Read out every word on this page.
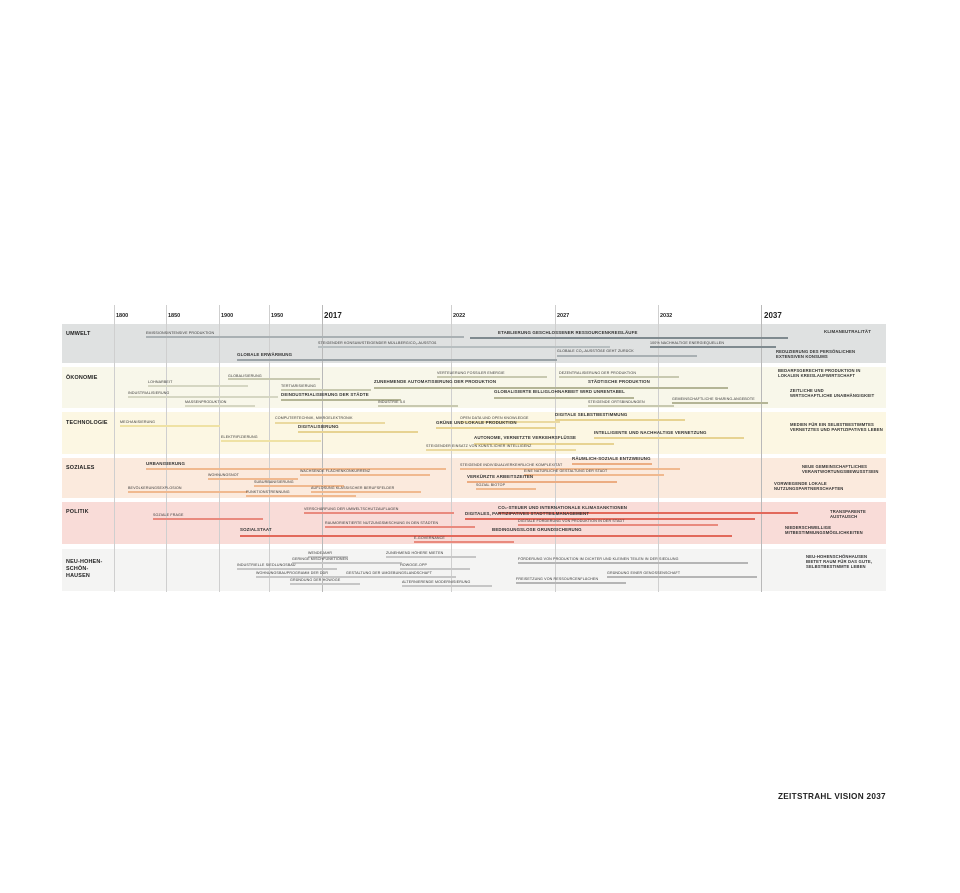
1800	1850	1900	1950	2017	2022	2027	2032	2037
UMWELT
ÖKONOMIE
TECHNOLOGIE
SOZIALES
POLITIK
NEU-HOHEN-
SCHÖN-
HAUSEN
EMISSIONSINTENSIVE PRODUKTION	ETABLIERUNG GESCHLOSSENER RESSOURCENKREISLÄUFE	KLIMANEUTRALITÄT
STEIGENDER KONSUM/STEIGENDER MÜLLBERG/CO₂-AUSSTOß	100% NACHHALTIGE ENERGIEQUELLEN
GLOBALE CO₂-AUSSTÖßE GEHT ZURÜCK
GLOBALE ERWÄRMUNG
REDUZIERUNG DES PERSÖNLICHEN
EXTENSIVEN KONSUMS
GLOBALISIERUNG
VERTEUERUNG FOSSILER ENERGIE	DEZENTRALISIERUNG DER PRODUKTION	BEDARFSGERECHTE PRODUKTION IN
LOKALEN KREISLAUFWIRTSCHAFT
LOHNARBEIT
TERTIARISIERUNG
ZUNEHMENDE AUTOMATISIERUNG DER PRODUKTION	STÄDTISCHE PRODUKTION
INDUSTRIALISIERUNG	DEINDUSTRIALISIERUNG DER STÄDTE
GLOBALISIERTE BILLIGLOHNARBEIT WIRD UNRENTABEL	ZEITLICHE UND
WIRTSCHAFTLICHE UNABHÄNGIGKEIT
MASSENPRODUKTION	INDUSTRIE 4.0	STEIGENDE ORTSBINDUNGEN
GEMEINSCHAFTLICHE SHARING-ANGEBOTE
MECHANISIERUNG
COMPUTERTECHNIK, MIKROELEKTRONIK	OPEN DATA UND OPEN KNOWLEDGE
DIGITALE SELBSTBESTIMMUNG
MEDIEN FÜR EIN SELBSTBESTIMMTES
VERNETZTES UND PARTIZIPATIVES LEBEN
DIGITALISIERUNG
GRÜNE UND LOKALE PRODUKTION
ELEKTRIFIZIERUNG
INTELLIGENTE UND NACHHALTIGE VERNETZUNG
AUTONOME, VERNETZTE VERKEHRSFLÜSSE
STEIGENDER EINSATZ VON KÜNSTLICHER INTELLIGENZ
URBANISIERUNG
RÄUMLICH-SOZIALE ENTZWEIUNG
STEIGENDE INDIVIDUALVERKEHRLICHE KOMPLEXITÄT
WACHSENDE FLÄCHENKONKURRENZ	EINE NATÜRLICHE GESTALTUNG DER STADT
NEUE GEMEINSCHAFTLICHES
VERANTWORTUNGSBEWUSSTSEIN
WOHNUNGSNOT	VERKÜRZTE ARBEITSZEITEN
SUBURBANISIERUNG	VORWIEGENDE LOKALE
NUTZUNGSPARTNERSCHAFTEN
BEVÖLKERUNGSEXPLOSION	AUFLÖSUNG KLASSISCHER BERUFSFELDER
SOZIAL BIOTOP
FUNKTIONSTRENNUNG
VERSCHÄRFUNG DER UMWELTSCHUTZAUFLAGEN	CO₂-STEUER UND INTERNATIONALE KLIMASANKTIONEN
TRANSPARENTE
AUSTAUSCH
SOZIALE FRAGE	DIGITALES, PARTIZIPATIVES STADTTEILMANAGEMENT
DIGITALE FÖRDERUNG VON PRODUKTION IN DER STADT
RAUMORIENTIERTE NUTZUNGSMISCHUNG IN DEN STÄDTEN
NIEDERSCHWELLIGE
MITBESTIMMUNGSMÖGLICHKEITEN
SOZIALSTAAT	BEDINGUNGSLOSE GRUNDSICHERUNG
E-GOVERNANCE
WENDEJAHR	ZUNEHMEND HÖHERE MIETEN
NEU-HOHENSCHÖNHAUSEN
BIETET RAUM FÜR DAS GUTE,
SELBSTBESTIMMTE LEBEN
GERINGE MISCHFUNKTIONEN	FÖRDERUNG VON PRODUKTION IM DICHTER UND KLEINEN TEILEN IN DER SIEDLUNG
INDUSTRIELLE SIEDLUNGSBAU	HOWOGE-OPP
WOHNUNGSBAUPROGRAMM DER DDR	GESTALTUNG DER UMGEBUNGSLANDSCHAFT	GRÜNDUNG EINER GENOSSENSCHAFT
GRÜNDUNG DER HOWOGE	ALTERNIERENDE MODERNISIERUNG
FREISETZUNG VON RESSOURCENFLÄCHEN
ZEITSTRAHL VISION 2037
